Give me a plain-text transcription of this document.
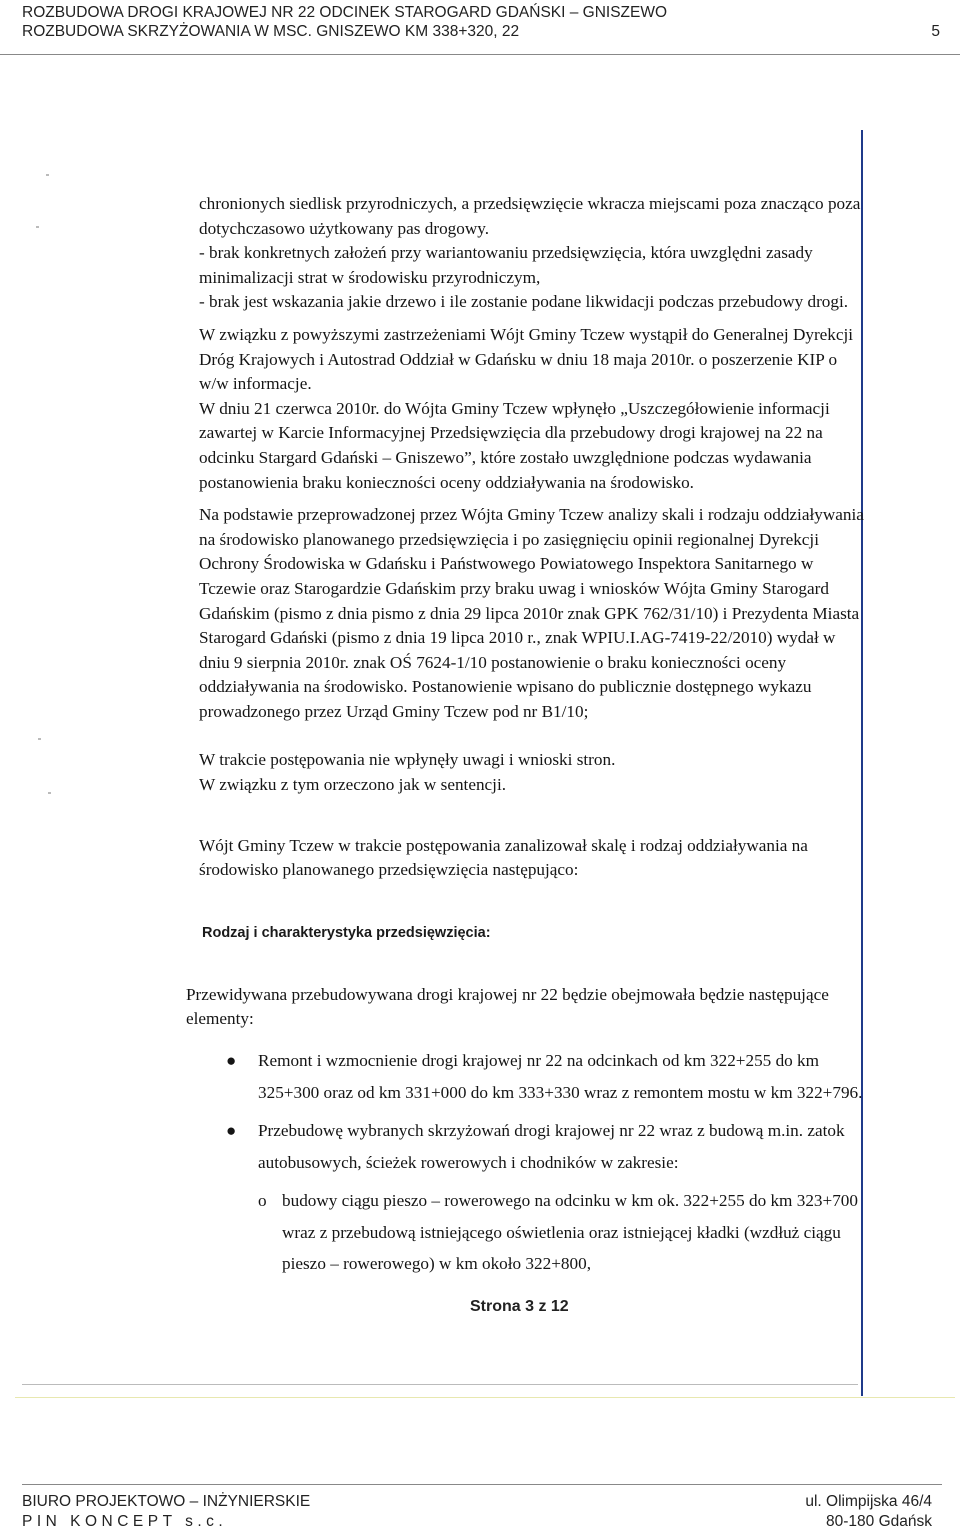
ROZBUDOWA DROGI KRAJOWEJ NR 22 ODCINEK STAROGARD GDAŃSKI – GNISZEWO
ROZBUDOWA SKRZYŻOWANIA W MSC. GNISZEWO KM 338+320, 22	5

chronionych siedlisk przyrodniczych, a przedsięwzięcie wkracza miejscami poza znacząco poza dotychczasowo użytkowany pas drogowy.

- brak konkretnych założeń przy wariantowaniu przedsięwzięcia, która uwzględni zasady minimalizacji strat w środowisku przyrodniczym,

- brak jest wskazania jakie drzewo i ile zostanie podane likwidacji podczas przebudowy drogi.

W związku z powyższymi zastrzeżeniami Wójt Gminy Tczew wystąpił do Generalnej Dyrekcji Dróg Krajowych i Autostrad Oddział w Gdańsku w dniu 18 maja 2010r. o poszerzenie KIP o w/w informacje.

W dniu 21 czerwca 2010r. do Wójta Gminy Tczew wpłynęło „Uszczegółowienie informacji zawartej w Karcie Informacyjnej Przedsięwzięcia dla przebudowy drogi krajowej na 22 na odcinku Stargard Gdański – Gniszewo”, które zostało uwzględnione podczas wydawania postanowienia braku konieczności oceny oddziaływania na środowisko.

Na podstawie przeprowadzonej przez Wójta Gminy Tczew analizy skali i rodzaju oddziaływania na środowisko planowanego przedsięwzięcia i po zasięgnięciu opinii regionalnej Dyrekcji Ochrony Środowiska w Gdańsku i Państwowego Powiatowego Inspektora Sanitarnego w Tczewie oraz Starogardzie Gdańskim przy braku uwag i wniosków Wójta Gminy Starogard Gdańskim (pismo z dnia pismo z dnia 29 lipca 2010r znak GPK 762/31/10) i Prezydenta Miasta Starogard Gdański (pismo z dnia 19 lipca 2010 r., znak WPIU.I.AG-7419-22/2010) wydał w dniu 9 sierpnia 2010r. znak OŚ 7624-1/10 postanowienie o braku konieczności oceny oddziaływania na środowisko. Postanowienie wpisano do publicznie dostępnego wykazu prowadzonego przez Urząd Gminy Tczew pod nr B1/10;

W trakcie postępowania nie wpłynęły uwagi i wnioski stron.

W związku z tym orzeczono jak w sentencji.

Wójt Gminy Tczew w trakcie postępowania zanalizował skalę i rodzaj oddziaływania na środowisko planowanego przedsięwzięcia następująco:

Rodzaj i charakterystyka przedsięwzięcia:

Przewidywana przebudowywana drogi krajowej nr 22 będzie obejmowała będzie następujące elementy:

● Remont i wzmocnienie drogi krajowej nr 22 na odcinkach od km 322+255 do km 325+300 oraz od km 331+000 do km 333+330 wraz z remontem mostu w km 322+796.
● Przebudowę wybranych skrzyżowań drogi krajowej nr 22 wraz z budową m.in. zatok autobusowych, ścieżek rowerowych i chodników w zakresie:
o budowy ciągu pieszo – rowerowego na odcinku w km ok. 322+255 do km 323+700 wraz z przebudową istniejącego oświetlenia oraz istniejącej kładki (wzdłuż ciągu pieszo – rowerowego) w km około 322+800,
Strona 3 z 12
BIURO PROJEKTOWO – INŻYNIERSKIE	ul. Olimpijska 46/4
PIN KONCEPT s.c.	80-180 Gdańsk
